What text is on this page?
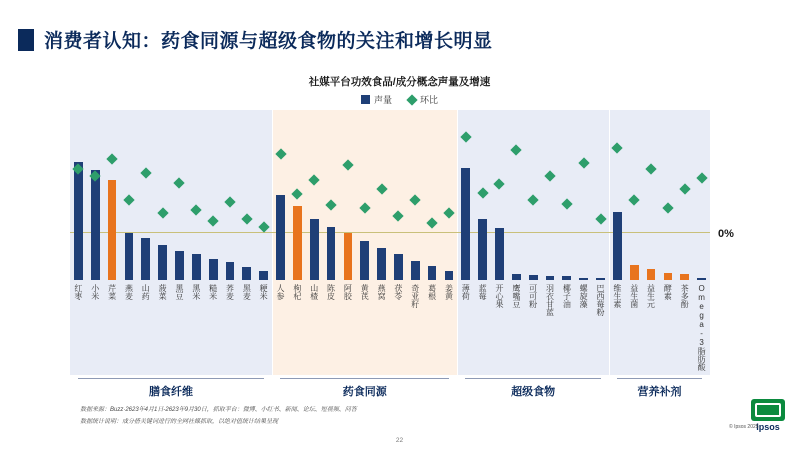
消费者认知：药食同源与超级食物的关注和增长明显
社媒平台功效食品/成分概念声量及增速
声量	环比
红枣 小米 芹菜 燕麦 山药 菠菜 黑豆 黑米 糙米 荞麦 黑麦 粳米 人参 枸杞 山楂 陈皮 阿胶 黄芪 燕窝 茯苓 奇亚籽 葛根 姜黄 薄荷 蓝莓 开心果 鹰嘴豆 可可粉 羽衣甘蓝 椰子油 螺旋藻 巴西莓粉 维生素 益生菌 益生元 酵素 茶多酚 Omega-3脂肪酸
0%
数据来源：Buzz·2623年4月1日-2623年9月30日，抓取平台：微博、小红书、新闻、论坛、短视频、问答
数据统计说明：成分搭关键词进行的全网社媒抓取，以绝对值统计结果呈现
22
© Ipsos 2025
Ipsos
膳食纤维	药食同源	超级食物	营养补剂
